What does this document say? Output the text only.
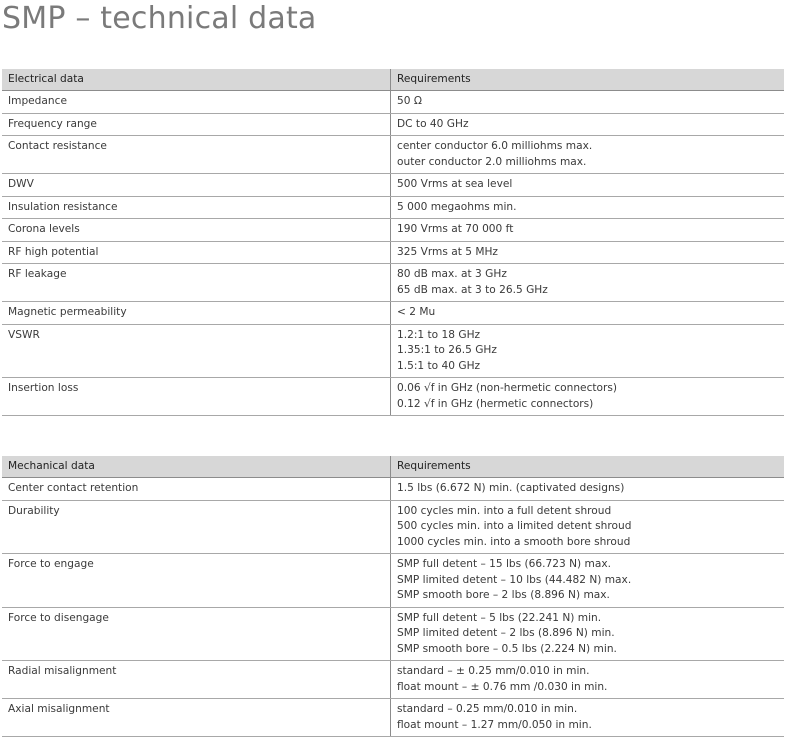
SMP – technical data
Electrical data	Requirements
Impedance	50 Ω

Frequency range	DC to 40 GHz

Contact resistance	center conductor 6.0 milliohms max.
outer conductor 2.0 milliohms max.

DWV	500 Vrms at sea level

Insulation resistance	5 000 megaohms min.

Corona levels	190 Vrms at 70 000 ft

RF high potential	325 Vrms at 5 MHz

RF leakage	80 dB max. at 3 GHz
65 dB max. at 3 to 26.5 GHz

Magnetic permeability	< 2 Mu

VSWR	1.2:1 to 18 GHz
1.35:1 to 26.5 GHz
1.5:1 to 40 GHz

Insertion loss	0.06 √f in GHz (non-hermetic connectors)
0.12 √f in GHz (hermetic connectors)
Mechanical data	Requirements
Center contact retention	1.5 lbs (6.672 N) min. (captivated designs)

Durability	100 cycles min. into a full detent shroud
500 cycles min. into a limited detent shroud
1000 cycles min. into a smooth bore shroud

Force to engage	SMP full detent – 15 lbs (66.723 N) max.
SMP limited detent – 10 lbs (44.482 N) max.
SMP smooth bore – 2 lbs (8.896 N) max.

Force to disengage	SMP full detent – 5 lbs (22.241 N) min.
SMP limited detent – 2 lbs (8.896 N) min.
SMP smooth bore – 0.5 lbs (2.224 N) min.

Radial misalignment	standard – ± 0.25 mm/0.010 in min.
float mount – ± 0.76 mm /0.030 in min.

Axial misalignment	standard – 0.25 mm/0.010 in min.
float mount – 1.27 mm/0.050 in min.
